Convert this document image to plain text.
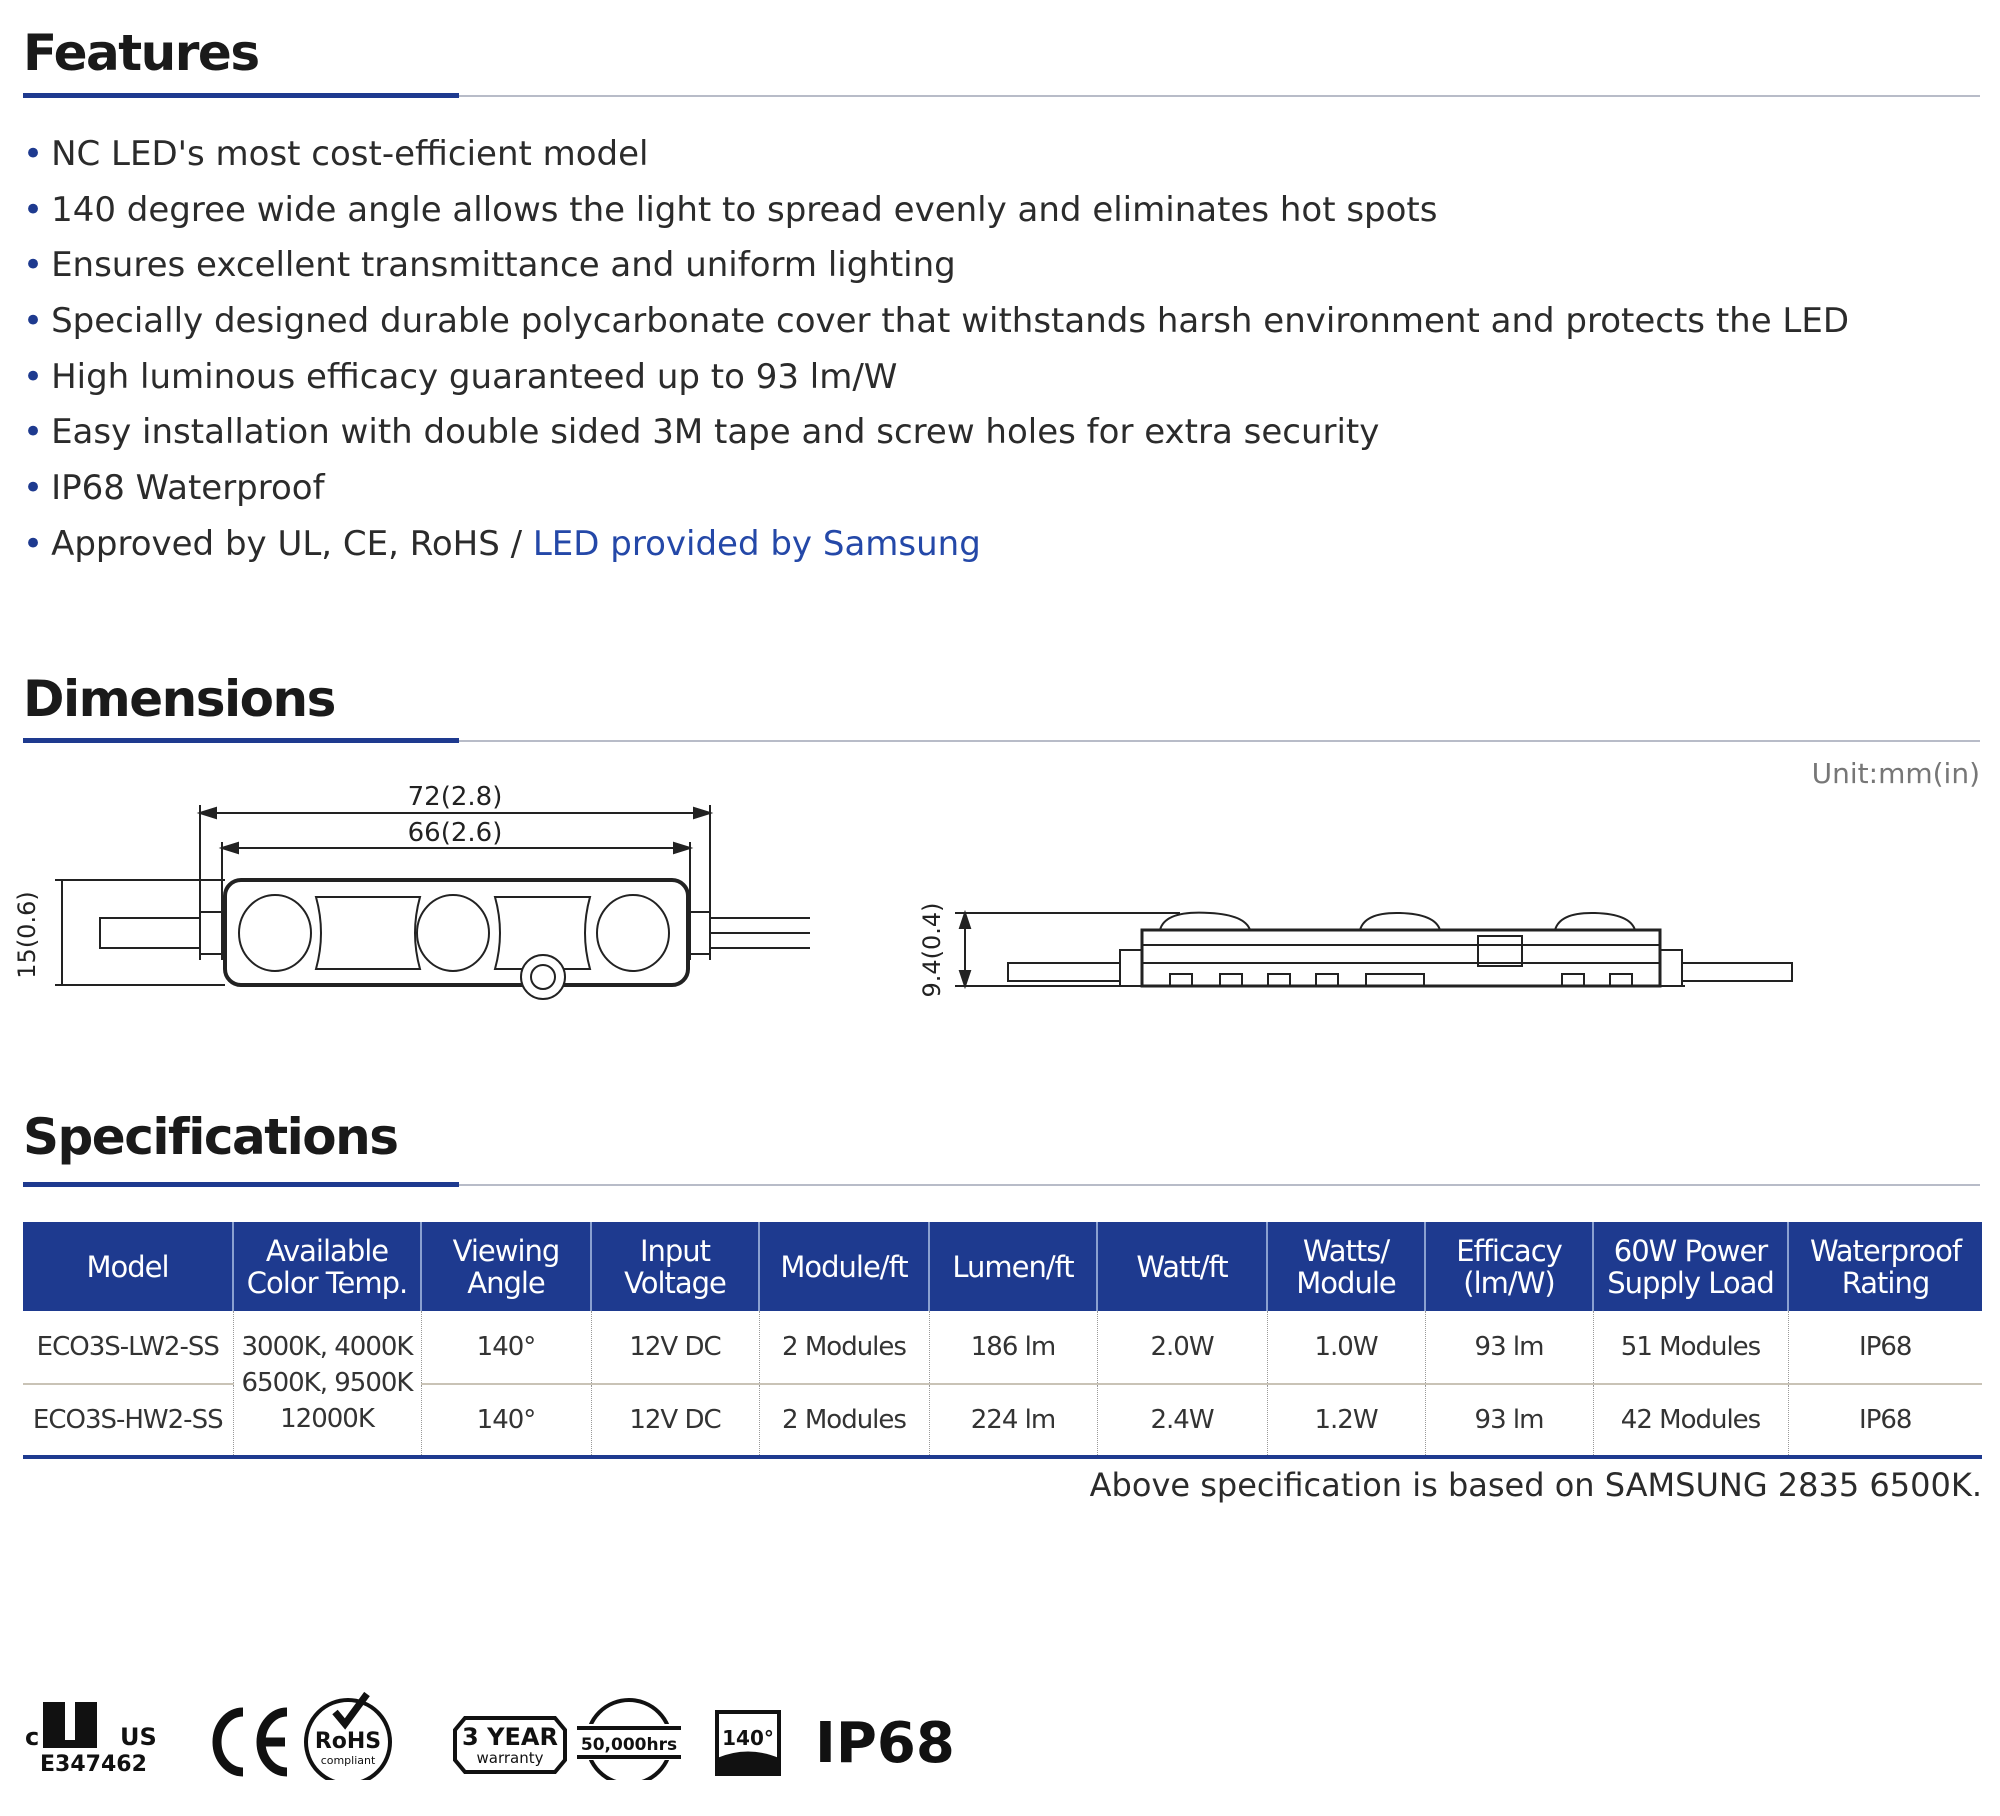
Features
• NC LED's most cost-efficient model
• 140 degree wide angle allows the light to spread evenly and eliminates hot spots
• Ensures excellent transmittance and uniform lighting
• Specially designed durable polycarbonate cover that withstands harsh environment and protects the LED
• High luminous efficacy guaranteed up to 93 lm/W
• Easy installation with double sided 3M tape and screw holes for extra security
• IP68 Waterproof
• Approved by UL, CE, RoHS / LED provided by Samsung
Dimensions
Unit:mm(in)
15(0.6)
72(2.8)
66(2.6)
9.4(0.4)
Specifications
Model	Available Color Temp.	Viewing Angle	Input Voltage	Module/ft	Lumen/ft	Watt/ft	Watts/ Module	Efficacy (lm/W)	60W Power Supply Load	Waterproof Rating
ECO3S-LW2-SS	3000K, 4000K 6500K, 9500K 12000K	140°	12V DC	2 Modules	186 lm	2.0W	1.0W	93 lm	51 Modules	IP68
ECO3S-HW2-SS		140°	12V DC	2 Modules	224 lm	2.4W	1.2W	93 lm	42 Modules	IP68
Above specification is based on SAMSUNG 2835 6500K.
c	US
E347462
RoHS
compliant
3 YEAR
warranty
50,000hrs 140° IP68
